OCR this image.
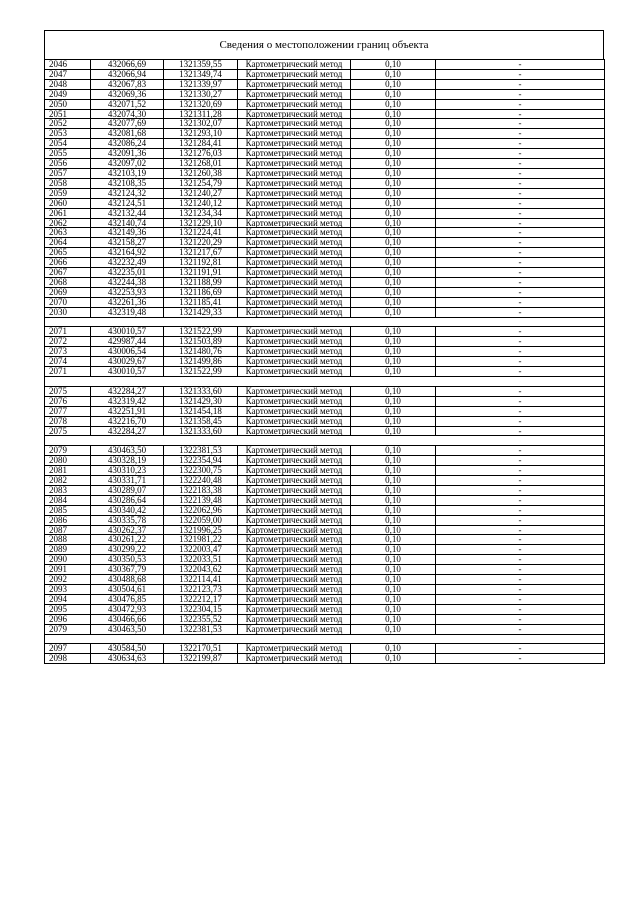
Сведения о местоположении границ объекта
2046	432066,69	1321359,55	Картометрический метод	0,10	-
2047	432066,94	1321349,74	Картометрический метод	0,10	-
2048	432067,83	1321339,97	Картометрический метод	0,10	-
2049	432069,36	1321330,27	Картометрический метод	0,10	-
2050	432071,52	1321320,69	Картометрический метод	0,10	-
2051	432074,30	1321311,28	Картометрический метод	0,10	-
2052	432077,69	1321302,07	Картометрический метод	0,10	-
2053	432081,68	1321293,10	Картометрический метод	0,10	-
2054	432086,24	1321284,41	Картометрический метод	0,10	-
2055	432091,36	1321276,03	Картометрический метод	0,10	-
2056	432097,02	1321268,01	Картометрический метод	0,10	-
2057	432103,19	1321260,38	Картометрический метод	0,10	-
2058	432108,35	1321254,79	Картометрический метод	0,10	-
2059	432124,32	1321240,27	Картометрический метод	0,10	-
2060	432124,51	1321240,12	Картометрический метод	0,10	-
2061	432132,44	1321234,34	Картометрический метод	0,10	-
2062	432140,74	1321229,10	Картометрический метод	0,10	-
2063	432149,36	1321224,41	Картометрический метод	0,10	-
2064	432158,27	1321220,29	Картометрический метод	0,10	-
2065	432164,92	1321217,67	Картометрический метод	0,10	-
2066	432232,49	1321192,81	Картометрический метод	0,10	-
2067	432235,01	1321191,91	Картометрический метод	0,10	-
2068	432244,38	1321188,99	Картометрический метод	0,10	-
2069	432253,93	1321186,69	Картометрический метод	0,10	-
2070	432261,36	1321185,41	Картометрический метод	0,10	-
2030	432319,48	1321429,33	Картометрический метод	0,10	-

2071	430010,57	1321522,99	Картометрический метод	0,10	-
2072	429987,44	1321503,89	Картометрический метод	0,10	-
2073	430006,54	1321480,76	Картометрический метод	0,10	-
2074	430029,67	1321499,86	Картометрический метод	0,10	-
2071	430010,57	1321522,99	Картометрический метод	0,10	-

2075	432284,27	1321333,60	Картометрический метод	0,10	-
2076	432319,42	1321429,30	Картометрический метод	0,10	-
2077	432251,91	1321454,18	Картометрический метод	0,10	-
2078	432216,70	1321358,45	Картометрический метод	0,10	-
2075	432284,27	1321333,60	Картометрический метод	0,10	-

2079	430463,50	1322381,53	Картометрический метод	0,10	-
2080	430328,19	1322354,94	Картометрический метод	0,10	-
2081	430310,23	1322300,75	Картометрический метод	0,10	-
2082	430331,71	1322240,48	Картометрический метод	0,10	-
2083	430289,07	1322183,38	Картометрический метод	0,10	-
2084	430286,64	1322139,48	Картометрический метод	0,10	-
2085	430340,42	1322062,96	Картометрический метод	0,10	-
2086	430335,78	1322059,00	Картометрический метод	0,10	-
2087	430262,37	1321996,25	Картометрический метод	0,10	-
2088	430261,22	1321981,22	Картометрический метод	0,10	-
2089	430299,22	1322003,47	Картометрический метод	0,10	-
2090	430350,53	1322033,51	Картометрический метод	0,10	-
2091	430367,79	1322043,62	Картометрический метод	0,10	-
2092	430488,68	1322114,41	Картометрический метод	0,10	-
2093	430504,61	1322123,73	Картометрический метод	0,10	-
2094	430476,85	1322212,17	Картометрический метод	0,10	-
2095	430472,93	1322304,15	Картометрический метод	0,10	-
2096	430466,66	1322355,52	Картометрический метод	0,10	-
2079	430463,50	1322381,53	Картометрический метод	0,10	-

2097	430584,50	1322170,51	Картометрический метод	0,10	-
2098	430634,63	1322199,87	Картометрический метод	0,10	-
